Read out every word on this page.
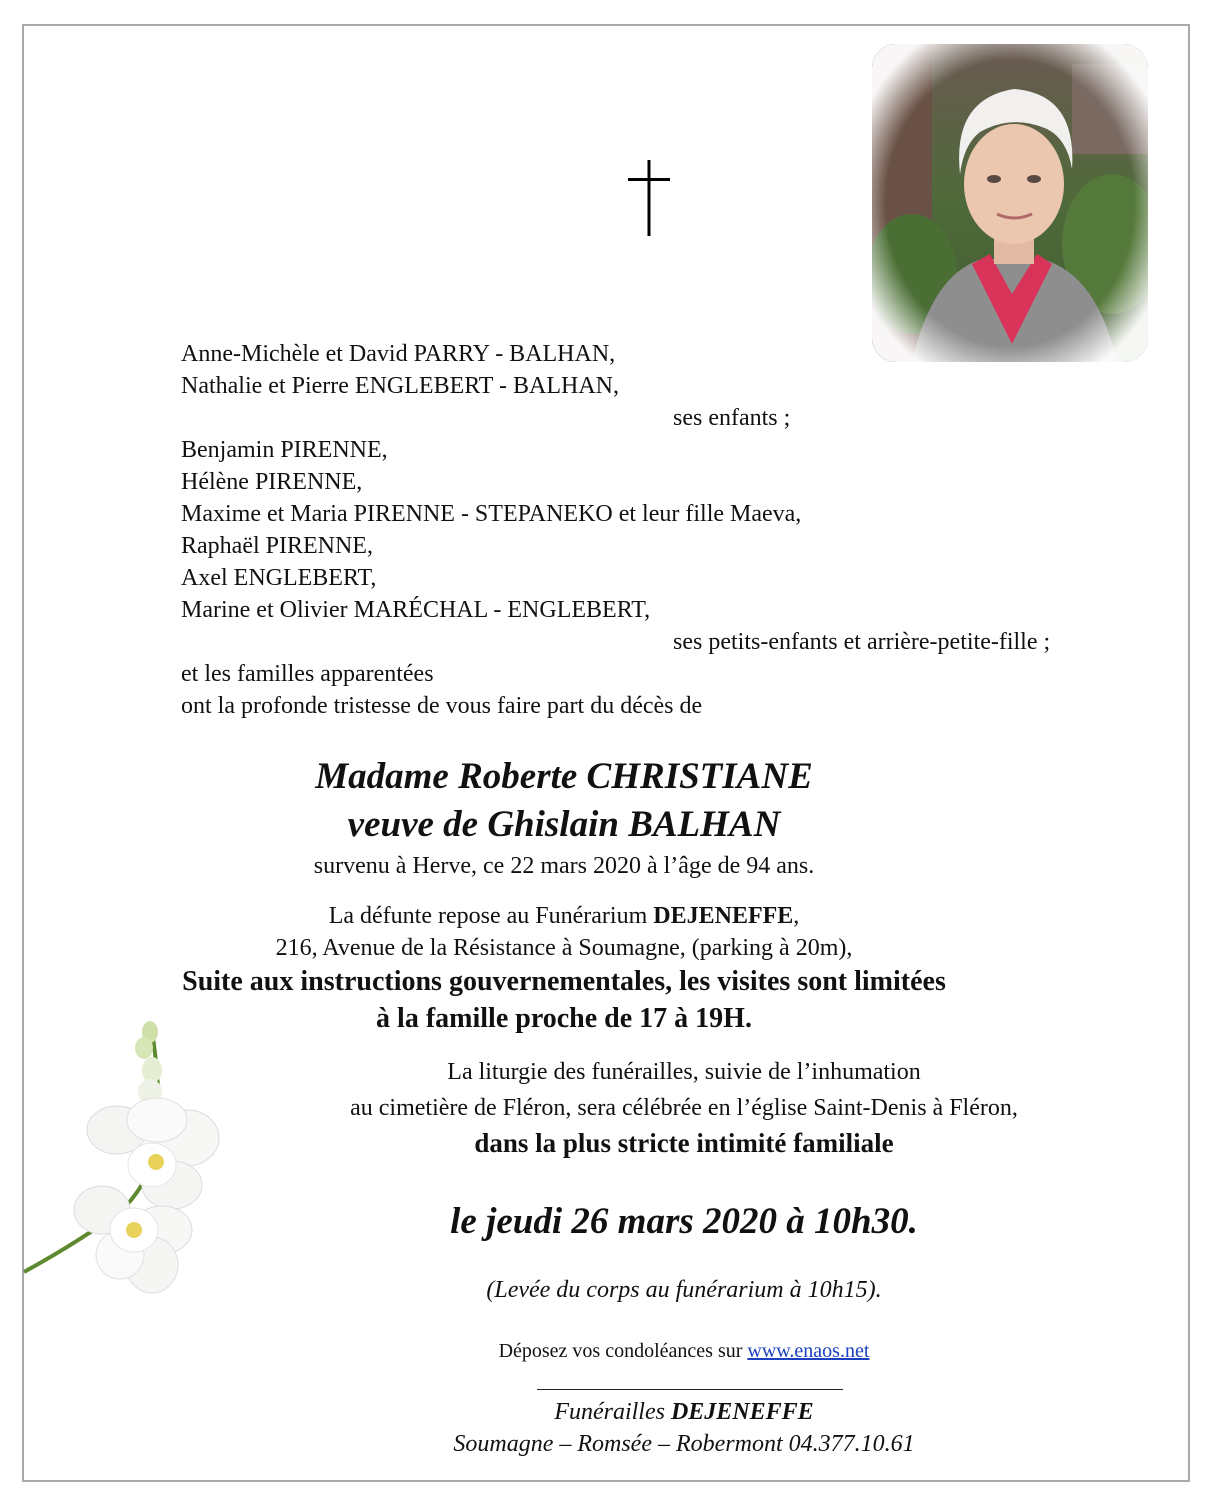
Anne-Michèle et David PARRY - BALHAN,
Nathalie et Pierre ENGLEBERT - BALHAN,
ses enfants ;
Benjamin PIRENNE,
Hélène PIRENNE,
Maxime et Maria PIRENNE - STEPANEKO et leur fille Maeva,
Raphaël PIRENNE,
Axel ENGLEBERT,
Marine et Olivier MARÉCHAL - ENGLEBERT,
ses petits-enfants et arrière-petite-fille ;
et les familles apparentées
ont la profonde tristesse de vous faire part du décès de
Madame Roberte CHRISTIANE
veuve de Ghislain BALHAN
survenu à Herve, ce 22 mars 2020 à l’âge de 94 ans.
La défunte repose au Funérarium DEJENEFFE,
216, Avenue de la Résistance à Soumagne, (parking à 20m),
Suite aux instructions gouvernementales, les visites sont limitées
à la famille proche de 17 à 19H.
La liturgie des funérailles, suivie de l’inhumation
au cimetière de Fléron, sera célébrée en l’église Saint-Denis à Fléron,
dans la plus stricte intimité familiale
le jeudi 26 mars 2020 à 10h30.
(Levée du corps au funérarium à 10h15).
Déposez vos condoléances sur www.enaos.net
Funérailles DEJENEFFE
Soumagne – Romsée – Robermont 04.377.10.61
